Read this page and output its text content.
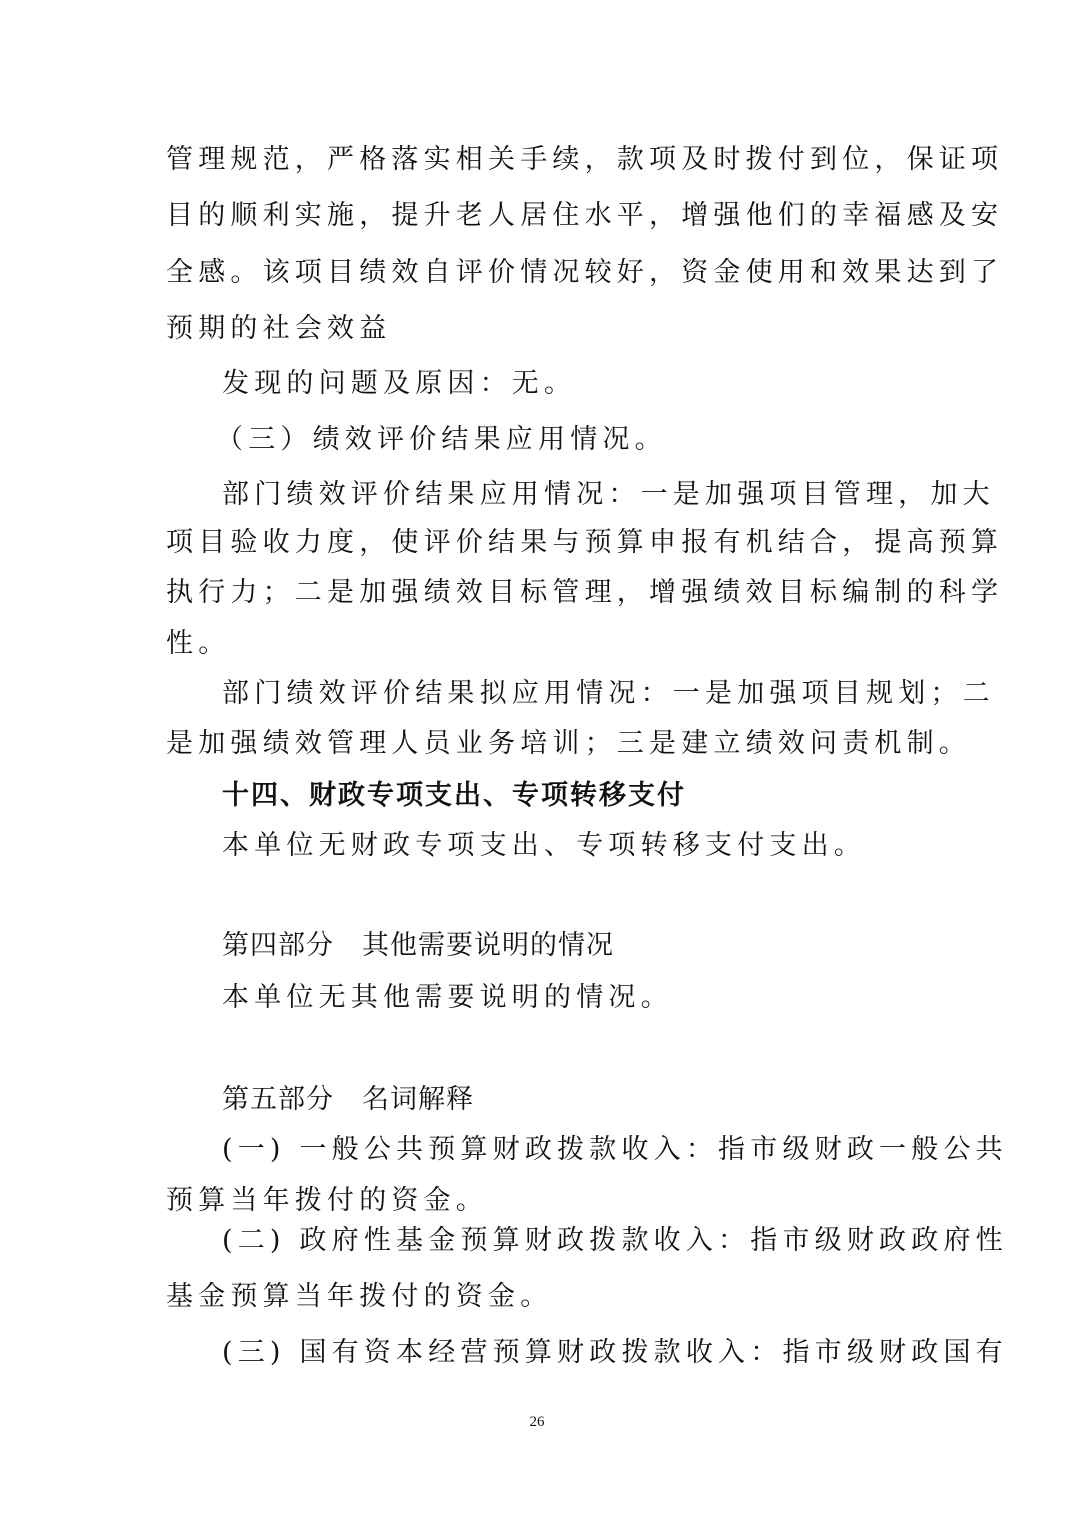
管理规范，严格落实相关手续，款项及时拨付到位，保证项
目的顺利实施，提升老人居住水平，增强他们的幸福感及安
全感。该项目绩效自评价情况较好，资金使用和效果达到了
预期的社会效益
发现的问题及原因：无。
（三）绩效评价结果应用情况。
部门绩效评价结果应用情况：一是加强项目管理，加大
项目验收力度，使评价结果与预算申报有机结合，提高预算
执行力；二是加强绩效目标管理，增强绩效目标编制的科学
性。
部门绩效评价结果拟应用情况：一是加强项目规划；二
是加强绩效管理人员业务培训；三是建立绩效问责机制。
十四、财政专项支出、专项转移支付
本单位无财政专项支出、专项转移支付支出。
第四部分　其他需要说明的情况
本单位无其他需要说明的情况。
第五部分　名词解释
(一) 一般公共预算财政拨款收入：指市级财政一般公共
预算当年拨付的资金。
(二) 政府性基金预算财政拨款收入：指市级财政政府性
基金预算当年拨付的资金。
(三) 国有资本经营预算财政拨款收入：指市级财政国有
26
